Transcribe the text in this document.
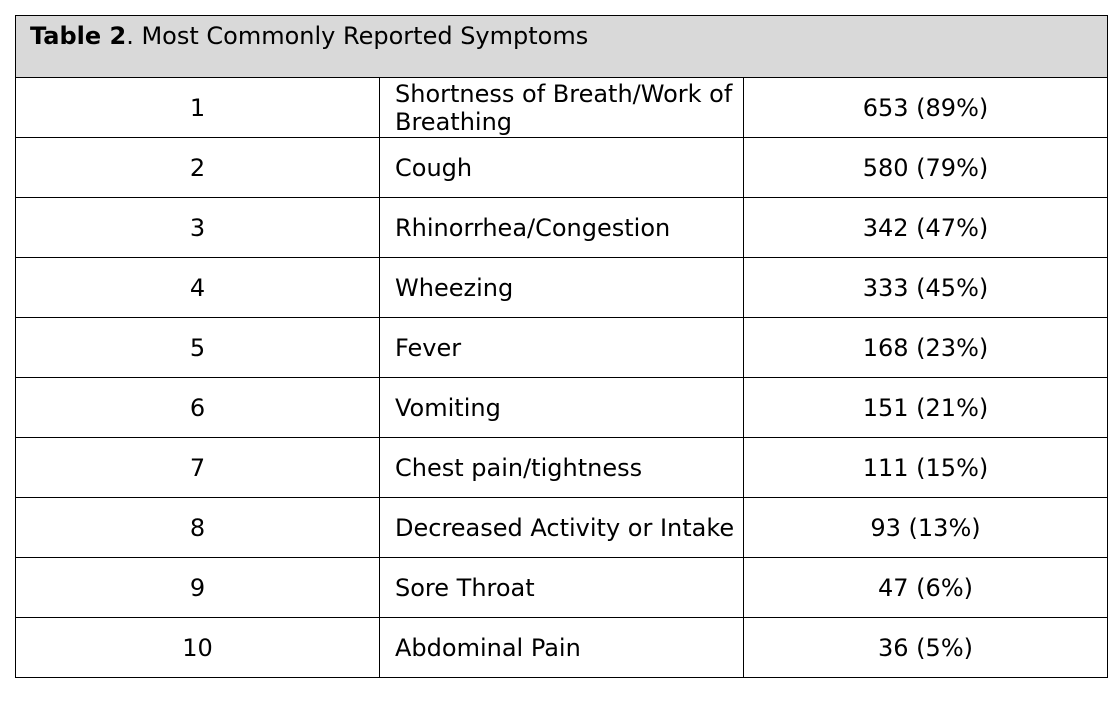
Table 2. Most Commonly Reported Symptoms		
1	Shortness of Breath/Work of Breathing	653 (89%)
2	Cough	580 (79%)
3	Rhinorrhea/Congestion	342 (47%)
4	Wheezing	333 (45%)
5	Fever	168 (23%)
6	Vomiting	151 (21%)
7	Chest pain/tightness	111 (15%)
8	Decreased Activity or Intake	93 (13%)
9	Sore Throat	47 (6%)
10	Abdominal Pain	36 (5%)
